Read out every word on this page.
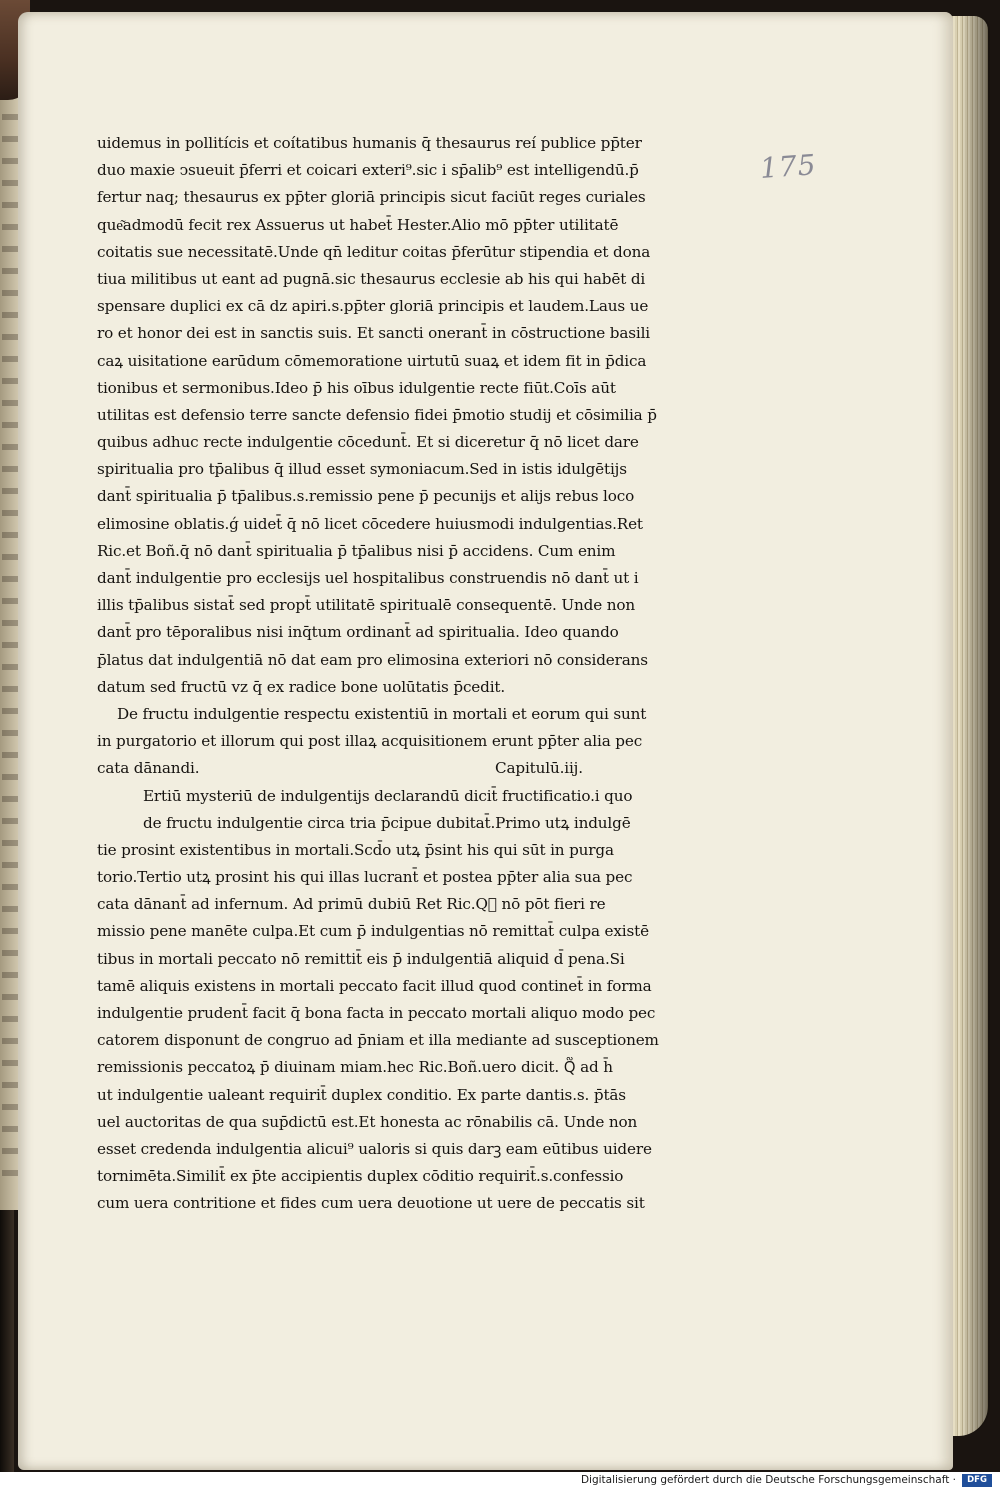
175
uidemus in pollitícis et coítatibus humanis q̄ thesaurus reí publice pp̄ter
duo maxie ↄsueuit p̄ferri et coicari exteri⁹.sic i sp̄alib⁹ est intelligendū.p̄
fertur naq; thesaurus ex pp̄ter gloriā principis sicut faciūt reges curiales
que͂admodū fecit rex Assuerus ut habet̄ Hester.Alio mō pp̄ter utilitatē
coitatis sue necessitatē.Unde qn̄ leditur coitas p̄ferūtur stipendia et dona
tiua militibus ut eant ad pugnā.sic thesaurus ecclesie ab his qui habēt di
spensare duplici ex cā dz apiri.s.pp̄ter gloriā principis et laudem.Laus ue
ro et honor dei est in sanctis suis. Et sancti onerant̄ in cōstructione basili
caꝝ uisitatione earūdum cōmemoratione uirtutū suaꝝ et idem fit in p̄dica
tionibus et sermonibus.Ideo p̄ his oībus idulgentie recte fiūt.Coīs aūt
utilitas est defensio terre sancte defensio fidei p̄motio studij et cōsimilia p̄
quibus adhuc recte indulgentie cōcedunt̄. Et si diceretur q̄ nō licet dare
spiritualia pro tp̄alibus q̄ illud esset symoniacum.Sed in istis idulgētijs
dant̄ spiritualia p̄ tp̄alibus.s.remissio pene p̄ pecunijs et alijs rebus loco
elimosine oblatis.ǵ uidet̄ q̄ nō licet cōcedere huiusmodi indulgentias.Ret
Ric.et Boñ.q̄ nō dant̄ spiritualia p̄ tp̄alibus nisi p̄ accidens. Cum enim
dant̄ indulgentie pro ecclesijs uel hospitalibus construendis nō dant̄ ut i
illis tp̄alibus sistat̄ sed propt̄ utilitatē spiritualē consequentē. Unde non
dant̄ pro tēporalibus nisi inq̄tum ordinant̄ ad spiritualia. Ideo quando
p̄latus dat indulgentiā nō dat eam pro elimosina exteriori nō considerans
datum sed fructū vz q̄ ex radice bone uolūtatis p̄cedit.
De fructu indulgentie respectu existentiū in mortali et eorum qui sunt
in purgatorio et illorum qui post illaꝝ acquisitionem erunt pp̄ter alia pec
cata dānandi.	Capitulū.iij.
Ertiū mysteriū de indulgentijs declarandū dicit̄ fructificatio.i quo
de fructu indulgentie circa tria p̄cipue dubitat̄.Primo utꝝ indulgē
tie prosint existentibus in mortali.Scd̄o utꝝ p̄sint his qui sūt in purga
torio.Tertio utꝝ prosint his qui illas lucrant̄ et postea pp̄ter alia sua pec
cata dānant̄ ad infernum. Ad primū dubiū Ret Ric.Q᷑ nō pōt fieri re
missio pene manēte culpa.Et cum p̄ indulgentias nō remittat̄ culpa existē
tibus in mortali peccato nō remittit̄ eis p̄ indulgentiā aliquid d̄ pena.Si
tamē aliquis existens in mortali peccato facit illud quod continet̄ in forma
indulgentie prudent̄ facit q̄ bona facta in peccato mortali aliquo modo pec
catorem disponunt de congruo ad p̄niam et illa mediante ad susceptionem
remissionis peccatoꝝ p̄ diuinam miam.hec Ric.Boñ.uero dicit. Q᷑ ad h̄
ut indulgentie ualeant requirit̄ duplex conditio. Ex parte dantis.s. p̄tās
uel auctoritas de qua sup̄dictū est.Et honesta ac rōnabilis cā. Unde non
esset credenda indulgentia alicui⁹ ualoris si quis darꝫ eam eūtibus uidere
tornimēta.Similit̄ ex p̄te accipientis duplex cōditio requirit̄.s.confessio
cum uera contritione et fides cum uera deuotione ut uere de peccatis sit
Digitalisierung gefördert durch die Deutsche Forschungsgemeinschaft ·	DFG
